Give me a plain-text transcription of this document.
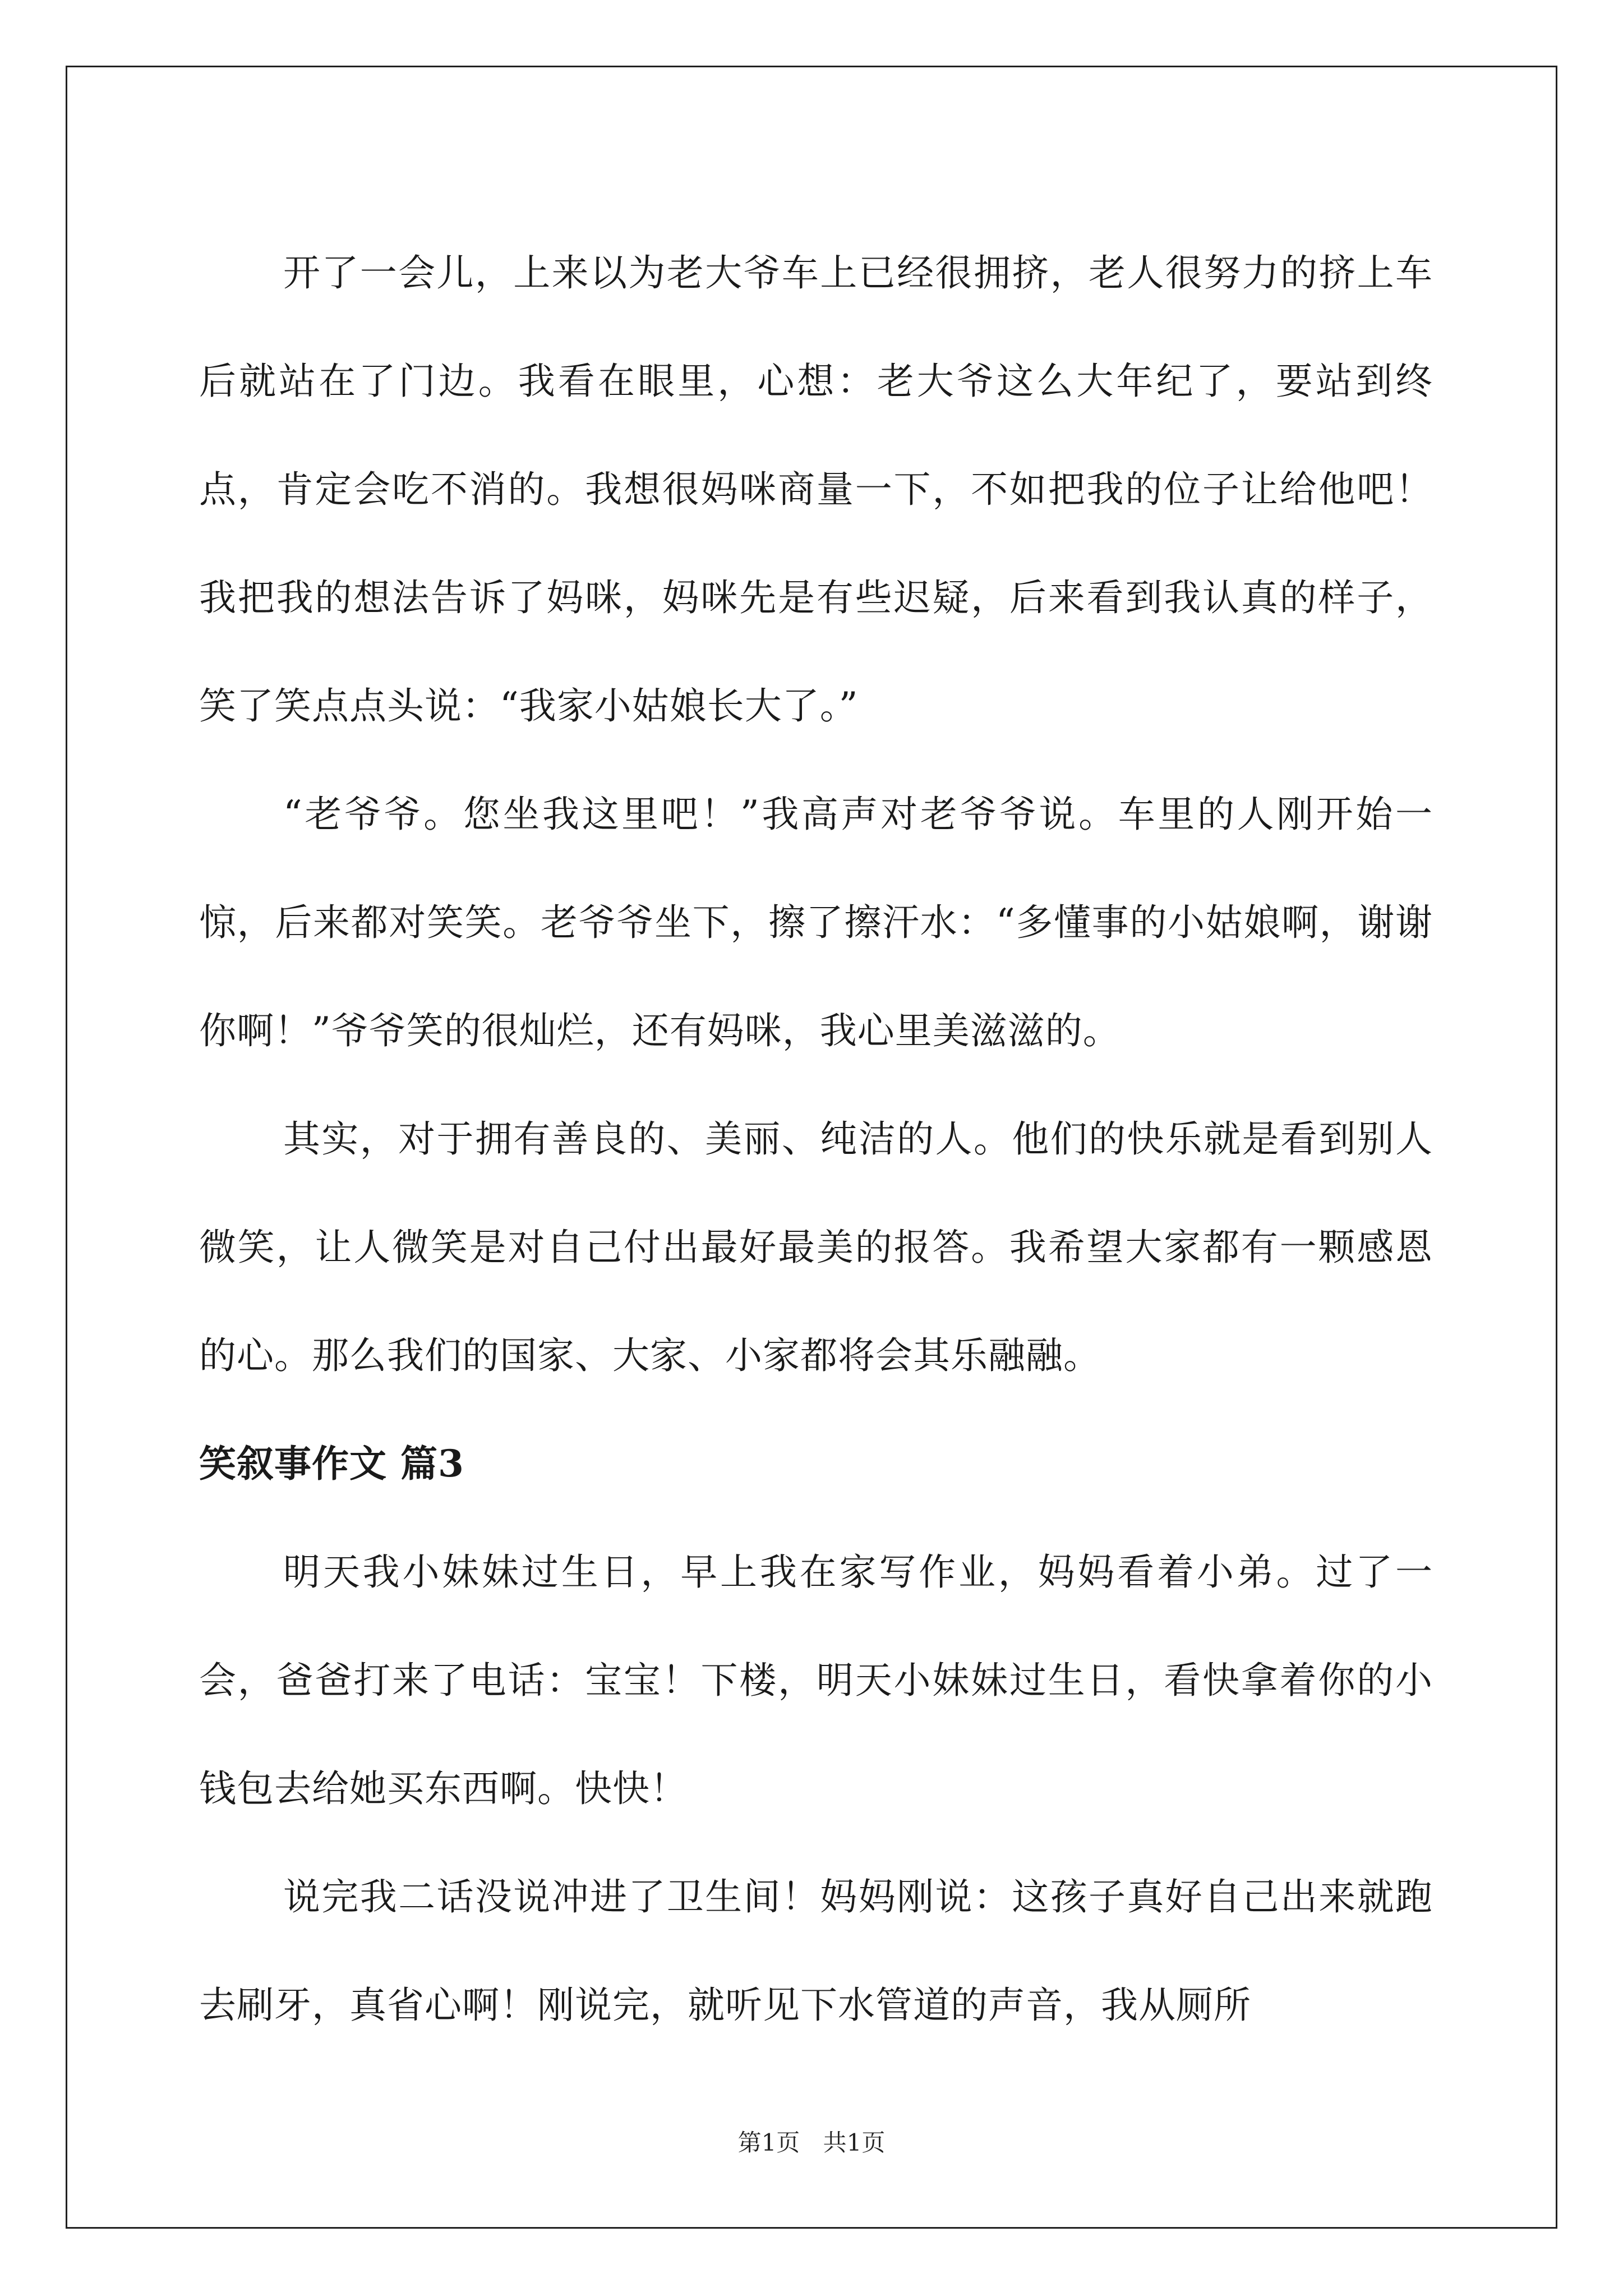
开了一会儿，上来以为老大爷车上已经很拥挤，老人很努力的挤上车后就站在了门边。我看在眼里，心想：老大爷这么大年纪了，要站到终点，肯定会吃不消的。我想很妈咪商量一下，不如把我的位子让给他吧！我把我的想法告诉了妈咪，妈咪先是有些迟疑，后来看到我认真的样子，笑了笑点点头说：“我家小姑娘长大了。”

“老爷爷。您坐我这里吧！”我高声对老爷爷说。车里的人刚开始一惊，后来都对笑笑。老爷爷坐下，擦了擦汗水：“多懂事的小姑娘啊，谢谢你啊！”爷爷笑的很灿烂，还有妈咪，我心里美滋滋的。

其实，对于拥有善良的、美丽、纯洁的人。他们的快乐就是看到别人微笑，让人微笑是对自己付出最好最美的报答。我希望大家都有一颗感恩的心。那么我们的国家、大家、小家都将会其乐融融。

笑叙事作文 篇3

明天我小妹妹过生日，早上我在家写作业，妈妈看着小弟。过了一会，爸爸打来了电话：宝宝！下楼，明天小妹妹过生日，看快拿着你的小钱包去给她买东西啊。快快！

说完我二话没说冲进了卫生间！妈妈刚说：这孩子真好自己出来就跑去刷牙，真省心啊！刚说完，就听见下水管道的声音，我从厕所

第1页 共1页
